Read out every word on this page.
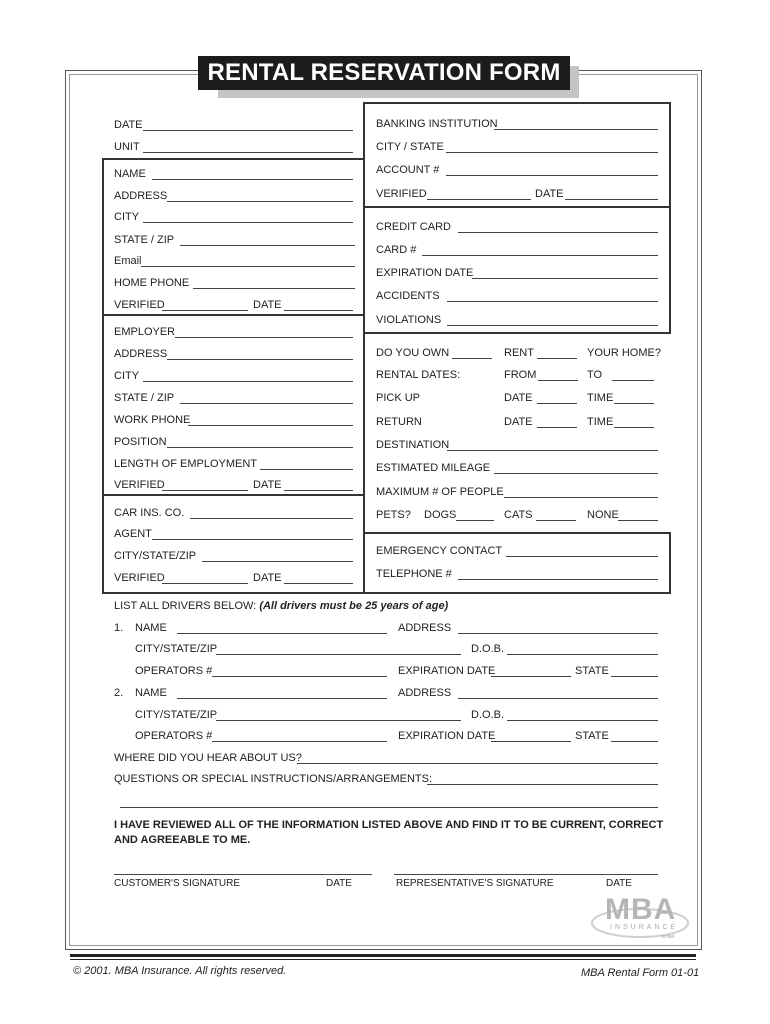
RENTAL RESERVATION FORM
DATE
UNIT
NAME
ADDRESS
CITY
STATE / ZIP
Email
HOME PHONE
VERIFIED	DATE
EMPLOYER
ADDRESS
CITY
STATE / ZIP
WORK PHONE
POSITION
LENGTH OF EMPLOYMENT
VERIFIED	DATE
CAR INS. CO.
AGENT
CITY/STATE/ZIP
VERIFIED	DATE
BANKING INSTITUTION
CITY / STATE
ACCOUNT #
VERIFIED	DATE
CREDIT CARD
CARD #
EXPIRATION DATE
ACCIDENTS
VIOLATIONS
DO YOU OWN	RENT	YOUR HOME?
RENTAL DATES:	FROM	TO
PICK UP	DATE	TIME
RETURN	DATE	TIME
DESTINATION
ESTIMATED MILEAGE
MAXIMUM # OF PEOPLE
PETS? DOGS	CATS	NONE
EMERGENCY CONTACT
TELEPHONE #
LIST ALL DRIVERS BELOW: (All drivers must be 25 years of age)
1. NAME	ADDRESS
CITY/STATE/ZIP	D.O.B.
OPERATORS #	EXPIRATION DATE	STATE
2. NAME	ADDRESS
CITY/STATE/ZIP	D.O.B.
OPERATORS #	EXPIRATION DATE	STATE
WHERE DID YOU HEAR ABOUT US?
QUESTIONS OR SPECIAL INSTRUCTIONS/ARRANGEMENTS:
I HAVE REVIEWED ALL OF THE INFORMATION LISTED ABOVE AND FIND IT TO BE CURRENT, CORRECT
AND AGREEABLE TO ME.
CUSTOMER'S SIGNATURE	DATE	REPRESENTATIVE'S SIGNATURE	DATE
MBA
INSURANCE
a mel
© 2001. MBA Insurance. All rights reserved.	MBA Rental Form 01-01
